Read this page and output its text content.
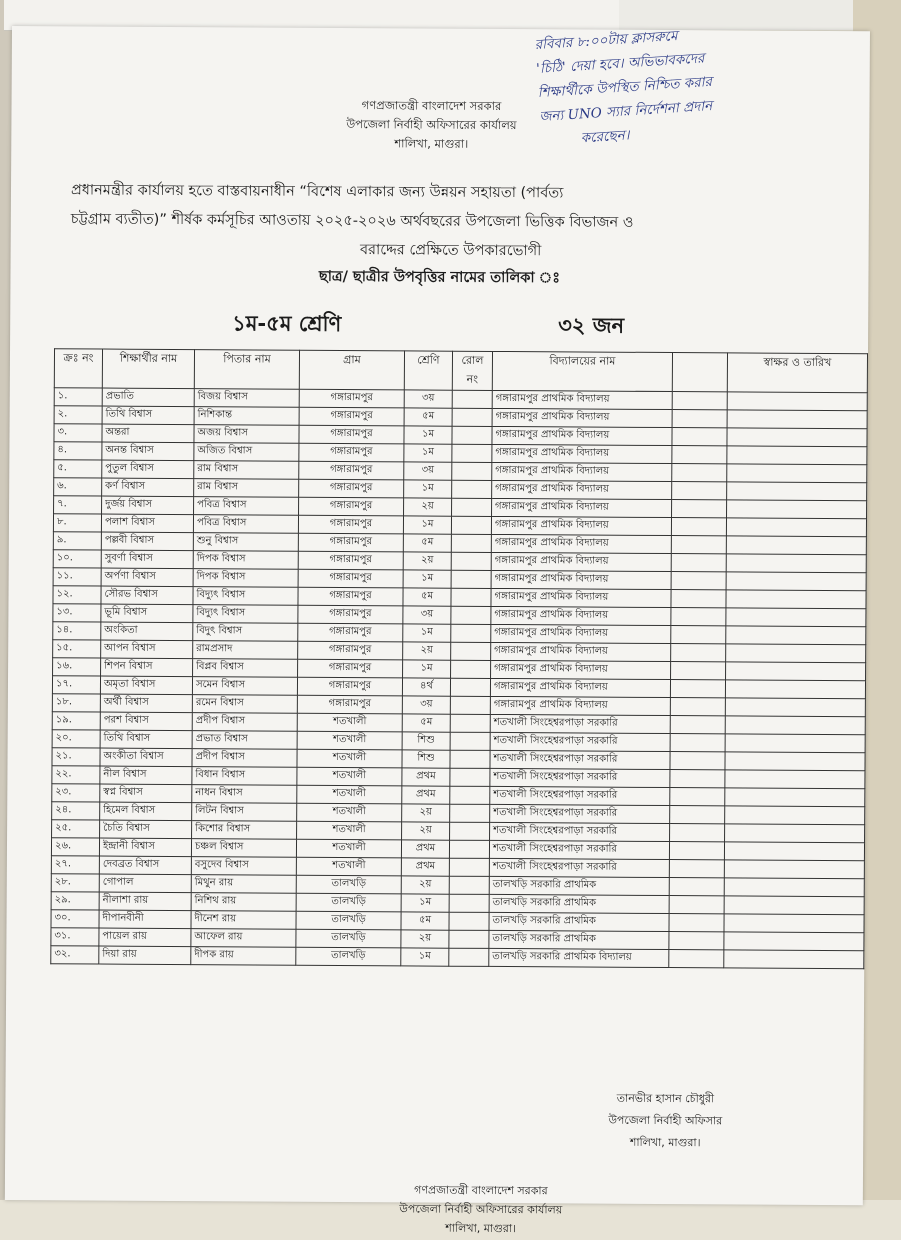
গণপ্রজাতন্ত্রী বাংলাদেশ সরকার
উপজেলা নির্বাহী অফিসারের কার্যালয়
শালিখা, মাগুরা।
রবিবার ৮:০০টায় ক্লাসরুমে
'চিঠি' দেয়া হবে। অভিভাবকদের
শিক্ষার্থীকে উপস্থিত নিশ্চিত করার
জন্য UNO স্যার নির্দেশনা প্রদান
করেছেন।
প্রধানমন্ত্রীর কার্যালয় হতে বাস্তবায়নাধীন “বিশেষ এলাকার জন্য উন্নয়ন সহায়তা (পার্বত্য
চট্টগ্রাম ব্যতীত)” শীর্ষক কর্মসূচির আওতায় ২০২৫-২০২৬ অর্থবছরের উপজেলা ভিত্তিক বিভাজন ও
বরাদ্দের প্রেক্ষিতে উপকারভোগী
ছাত্র/ ছাত্রীর উপবৃত্তির নামের তালিকা ঃ
১ম-৫ম শ্রেণি	৩২ জন
ক্রঃ নং	শিক্ষার্থীর নাম	পিতার নাম	গ্রাম	শ্রেণি	রোল নং	বিদ্যালয়ের নাম		স্বাক্ষর ও তারিখ
১.	প্রভাতি	বিজয় বিশ্বাস	গঙ্গারামপুর	৩য়		গঙ্গারামপুর প্রাথমিক বিদ্যালয়		
২.	তিথি বিশ্বাস	নিশিকান্ত	গঙ্গারামপুর	৫ম		গঙ্গারামপুর প্রাথমিক বিদ্যালয়		
৩.	অন্তরা	অজয় বিশ্বাস	গঙ্গারামপুর	১ম		গঙ্গারামপুর প্রাথমিক বিদ্যালয়		
৪.	অনন্ত বিশ্বাস	অজিত বিশ্বাস	গঙ্গারামপুর	১ম		গঙ্গারামপুর প্রাথমিক বিদ্যালয়		
৫.	পুতুল বিশ্বাস	রাম বিশ্বাস	গঙ্গারামপুর	৩য়		গঙ্গারামপুর প্রাথমিক বিদ্যালয়		
৬.	কর্ণ বিশ্বাস	রাম বিশ্বাস	গঙ্গারামপুর	১ম		গঙ্গারামপুর প্রাথমিক বিদ্যালয়		
৭.	দুর্জয় বিশ্বাস	পবিত্র বিশ্বাস	গঙ্গারামপুর	২য়		গঙ্গারামপুর প্রাথমিক বিদ্যালয়		
৮.	পলাশ বিশ্বাস	পবিত্র বিশ্বাস	গঙ্গারামপুর	১ম		গঙ্গারামপুর প্রাথমিক বিদ্যালয়		
৯.	পল্লবী বিশ্বাস	শুনু বিশ্বাস	গঙ্গারামপুর	৫ম		গঙ্গারামপুর প্রাথমিক বিদ্যালয়		
১০.	সুবর্ণা বিশ্বাস	দিপক বিশ্বাস	গঙ্গারামপুর	২য়		গঙ্গারামপুর প্রাথমিক বিদ্যালয়		
১১.	অর্পণা বিশ্বাস	দিপক বিশ্বাস	গঙ্গারামপুর	১ম		গঙ্গারামপুর প্রাথমিক বিদ্যালয়		
১২.	সৌরভ বিশ্বাস	বিদ্যুৎ বিশ্বাস	গঙ্গারামপুর	৫ম		গঙ্গারামপুর প্রাথমিক বিদ্যালয়		
১৩.	ভূমি বিশ্বাস	বিদ্যুৎ বিশ্বাস	গঙ্গারামপুর	৩য়		গঙ্গারামপুর প্রাথমিক বিদ্যালয়		
১৪.	অংকিতা	বিদুৎ বিশ্বাস	গঙ্গারামপুর	১ম		গঙ্গারামপুর প্রাথমিক বিদ্যালয়		
১৫.	আপন বিশ্বাস	রামপ্রসাদ	গঙ্গারামপুর	২য়		গঙ্গারামপুর প্রাথমিক বিদ্যালয়		
১৬.	শিপন বিশ্বাস	বিপ্লব বিশ্বাস	গঙ্গারামপুর	১ম		গঙ্গারামপুর প্রাথমিক বিদ্যালয়		
১৭.	অমৃতা বিশ্বাস	সমেন বিশ্বাস	গঙ্গারামপুর	৪র্থ		গঙ্গারামপুর প্রাথমিক বিদ্যালয়		
১৮.	অর্থী বিশ্বাস	রমেন বিশ্বাস	গঙ্গারামপুর	৩য়		গঙ্গারামপুর প্রাথমিক বিদ্যালয়		
১৯.	পরশ বিশ্বাস	প্রদীপ বিশ্বাস	শতখালী	৫ম		শতখালী সিংহেশ্বরপাড়া সরকারি		
২০.	তিথি বিশ্বাস	প্রভাত বিশ্বাস	শতখালী	শিশু		শতখালী সিংহেশ্বরপাড়া সরকারি		
২১.	অংকীতা বিশ্বাস	প্রদীপ বিশ্বাস	শতখালী	শিশু		শতখালী সিংহেশ্বরপাড়া সরকারি		
২২.	নীল বিশ্বাস	বিধান বিশ্বাস	শতখালী	প্রথম		শতখালী সিংহেশ্বরপাড়া সরকারি		
২৩.	স্বপ্ন বিশ্বাস	নাধন বিশ্বাস	শতখালী	প্রথম		শতখালী সিংহেশ্বরপাড়া সরকারি		
২৪.	হিমেল বিশ্বাস	লিটন বিশ্বাস	শতখালী	২য়		শতখালী সিংহেশ্বরপাড়া সরকারি		
২৫.	চৈতি বিশ্বাস	কিশোর বিশ্বাস	শতখালী	২য়		শতখালী সিংহেশ্বরপাড়া সরকারি		
২৬.	ইন্দ্রানী বিশ্বাস	চঞ্চল বিশ্বাস	শতখালী	প্রথম		শতখালী সিংহেশ্বরপাড়া সরকারি		
২৭.	দেবব্রত বিশ্বাস	বসুদেব বিশ্বাস	শতখালী	প্রথম		শতখালী সিংহেশ্বরপাড়া সরকারি		
২৮.	গোপাল	মিথুন রায়	তালখড়ি	২য়		তালখড়ি সরকারি প্রাথমিক		
২৯.	নীলাশা রায়	নিশিথ রায়	তালখড়ি	১ম		তালখড়ি সরকারি প্রাথমিক		
৩০.	দীপানবীনী	দীনেশ রায়	তালখড়ি	৫ম		তালখড়ি সরকারি প্রাথমিক		
৩১.	পায়েল রায়	আফেল রায়	তালখড়ি	২য়		তালখড়ি সরকারি প্রাথমিক		
৩২.	দিয়া রায়	দীপক রায়	তালখড়ি	১ম		তালখড়ি সরকারি প্রাথমিক বিদ্যালয়		
তানভীর হাসান চৌধুরী
উপজেলা নির্বাহী অফিসার
শালিখা, মাগুরা।
গণপ্রজাতন্ত্রী বাংলাদেশ সরকার
উপজেলা নির্বাহী অফিসারের কার্যালয়
শালিখা, মাগুরা।
